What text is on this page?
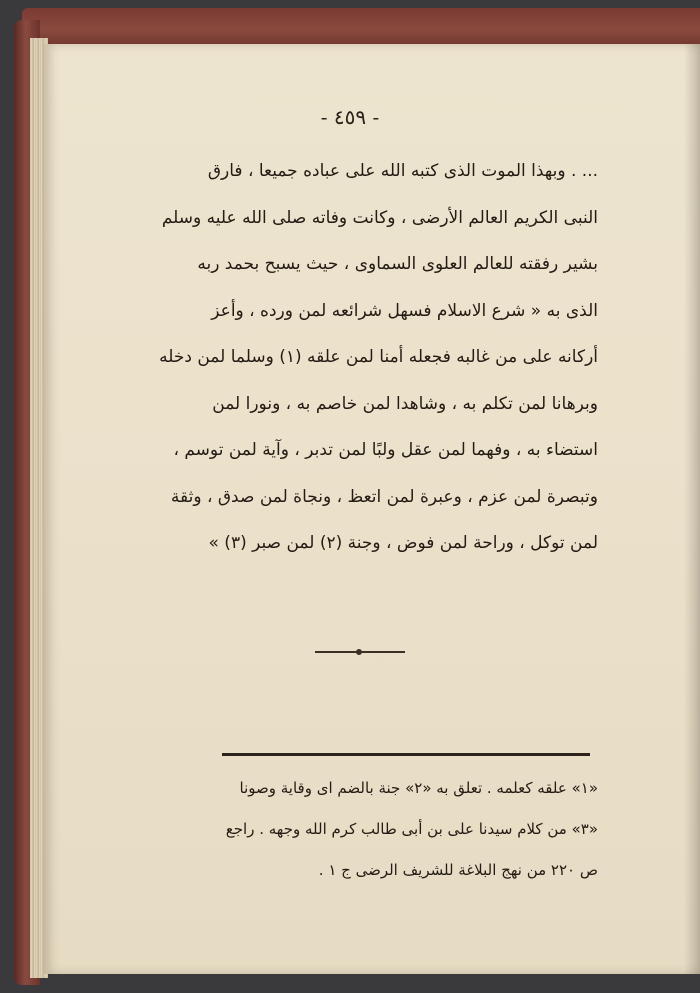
- ٤٥٩ -
... . وبهذا الموت الذى كتبه الله على عباده جميعا ، فارق
النبى الكريم العالم الأرضى ، وكانت وفاته صلى الله عليه وسلم
بشير رفقته للعالم العلوى السماوى ، حيث يسبح بحمد ربه
الذى به « شرع الاسلام فسهل شرائعه لمن ورده ، وأعز
أركانه على من غالبه فجعله أمنا لمن علقه (١) وسلما لمن دخله
وبرهانا لمن تكلم به ، وشاهدا لمن خاصم به ، ونورا لمن
استضاء به ، وفهما لمن عقل ولبًا لمن تدبر ، وآية لمن توسم ،
وتبصرة لمن عزم ، وعبرة لمن اتعظ ، ونجاة لمن صدق ، وثقة
لمن توكل ، وراحة لمن فوض ، وجنة (٢) لمن صبر (٣) »
«١» علقه كعلمه . تعلق به «٢» جنة بالضم اى وقاية وصونا
«٣» من كلام سيدنا على بن أبى طالب كرم الله وجهه . راجع
ص ٢٢٠ من نهج البلاغة للشريف الرضى ج ١ .
